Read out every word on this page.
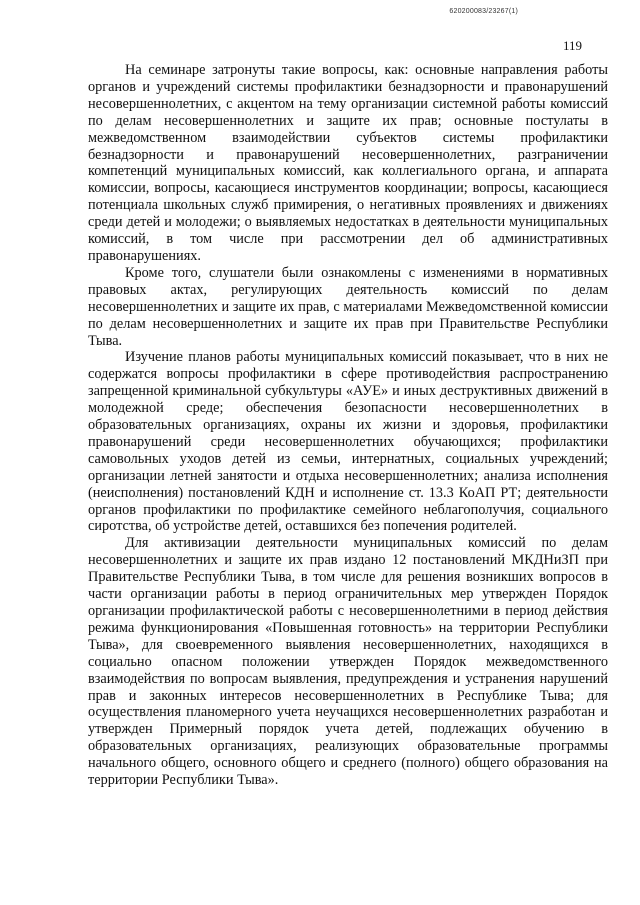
620200083/23267(1)
119

На семинаре затронуты такие вопросы, как: основные направления работы органов и учреждений системы профилактики безнадзорности и правонарушений несовершеннолетних, с акцентом на тему организации системной работы комиссий по делам несовершеннолетних и защите их прав; основные постулаты в межведомственном взаимодействии субъектов системы профилактики безнадзорности и правонарушений несовершеннолетних, разграничении компетенций муниципальных комиссий, как коллегиального органа, и аппарата комиссии, вопросы, касающиеся инструментов координации; вопросы, касающиеся потенциала школьных служб примирения, о негативных проявлениях и движениях среди детей и молодежи; о выявляемых недостатках в деятельности муниципальных комиссий, в том числе при рассмотрении дел об административных правонарушениях.

Кроме того, слушатели были ознакомлены с изменениями в нормативных правовых актах, регулирующих деятельность комиссий по делам несовершеннолетних и защите их прав, с материалами Межведомственной комиссии по делам несовершеннолетних и защите их прав при Правительстве Республики Тыва.

Изучение планов работы муниципальных комиссий показывает, что в них не содержатся вопросы профилактики в сфере противодействия распространению запрещенной криминальной субкультуры «АУЕ» и иных деструктивных движений в молодежной среде; обеспечения безопасности несовершеннолетних в образовательных организациях, охраны их жизни и здоровья, профилактики правонарушений среди несовершеннолетних обучающихся; профилактики самовольных уходов детей из семьи, интернатных, социальных учреждений; организации летней занятости и отдыха несовершеннолетних; анализа исполнения (неисполнения) постановлений КДН и исполнение ст. 13.3 КоАП РТ; деятельности органов профилактики по профилактике семейного неблагополучия, социального сиротства, об устройстве детей, оставшихся без попечения родителей.

Для активизации деятельности муниципальных комиссий по делам несовершеннолетних и защите их прав издано 12 постановлений МКДНиЗП при Правительстве Республики Тыва, в том числе для решения возникших вопросов в части организации работы в период ограничительных мер утвержден Порядок организации профилактической работы с несовершеннолетними в период действия режима функционирования «Повышенная готовность» на территории Республики Тыва», для своевременного выявления несовершеннолетних, находящихся в социально опасном положении утвержден Порядок межведомственного взаимодействия по вопросам выявления, предупреждения и устранения нарушений прав и законных интересов несовершеннолетних в Республике Тыва; для осуществления планомерного учета неучащихся несовершеннолетних разработан и утвержден Примерный порядок учета детей, подлежащих обучению в образовательных организациях, реализующих образовательные программы начального общего, основного общего и среднего (полного) общего образования на территории Республики Тыва».
